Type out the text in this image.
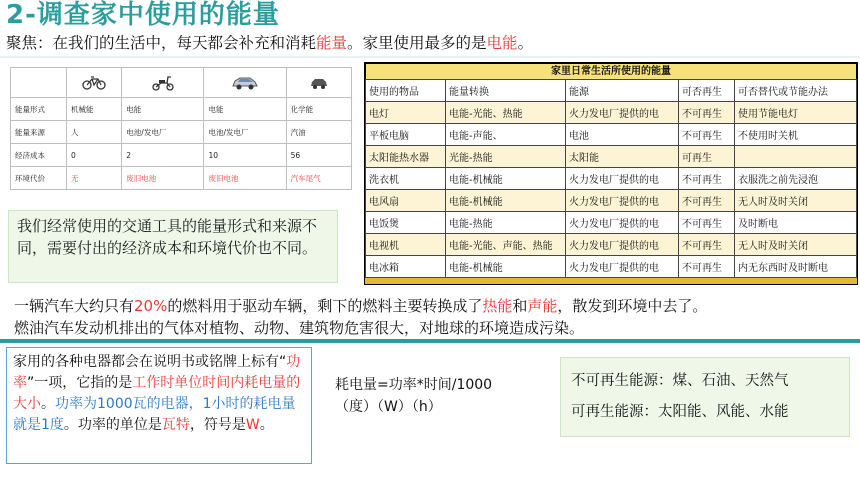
2-调查家中使用的能量
聚焦：在我们的生活中，每天都会补充和消耗能量。家里使用最多的是电能。

能量形式	机械能	电能	电能	化学能
能量来源	人	电池/发电厂	电池/发电厂	汽油
经济成本	0	2	10	56
环境代价	无	废旧电池	废旧电池	汽车尾气
我们经常使用的交通工具的能量形式和来源不同，需要付出的经济成本和环境代价也不同。
家里日常生活所使用的能量
使用的物品	能量转换	能源	可否再生	可否替代或节能办法
电灯	电能-光能、热能	火力发电厂提供的电	不可再生	使用节能电灯
平板电脑	电能-声能、	电池	不可再生	不使用时关机
太阳能热水器	光能-热能	太阳能	可再生	
洗衣机	电能-机械能	火力发电厂提供的电	不可再生	衣服洗之前先浸泡
电风扇	电能-机械能	火力发电厂提供的电	不可再生	无人时及时关闭
电饭煲	电能-热能	火力发电厂提供的电	不可再生	及时断电
电视机	电能-光能、声能、热能	火力发电厂提供的电	不可再生	无人时及时关闭
电冰箱	电能-机械能	火力发电厂提供的电	不可再生	内无东西时及时断电
一辆汽车大约只有20%的燃料用于驱动车辆，剩下的燃料主要转换成了热能和声能，散发到环境中去了。
燃油汽车发动机排出的气体对植物、动物、建筑物危害很大，对地球的环境造成污染。
家用的各种电器都会在说明书或铭牌上标有“功率”一项，它指的是工作时单位时间内耗电量的大小。功率为1000瓦的电器，1小时的耗电量就是1度。功率的单位是瓦特，符号是W。
耗电量=功率*时间/1000
（度）（W）（h）
不可再生能源：煤、石油、天然气
可再生能源：太阳能、风能、水能
